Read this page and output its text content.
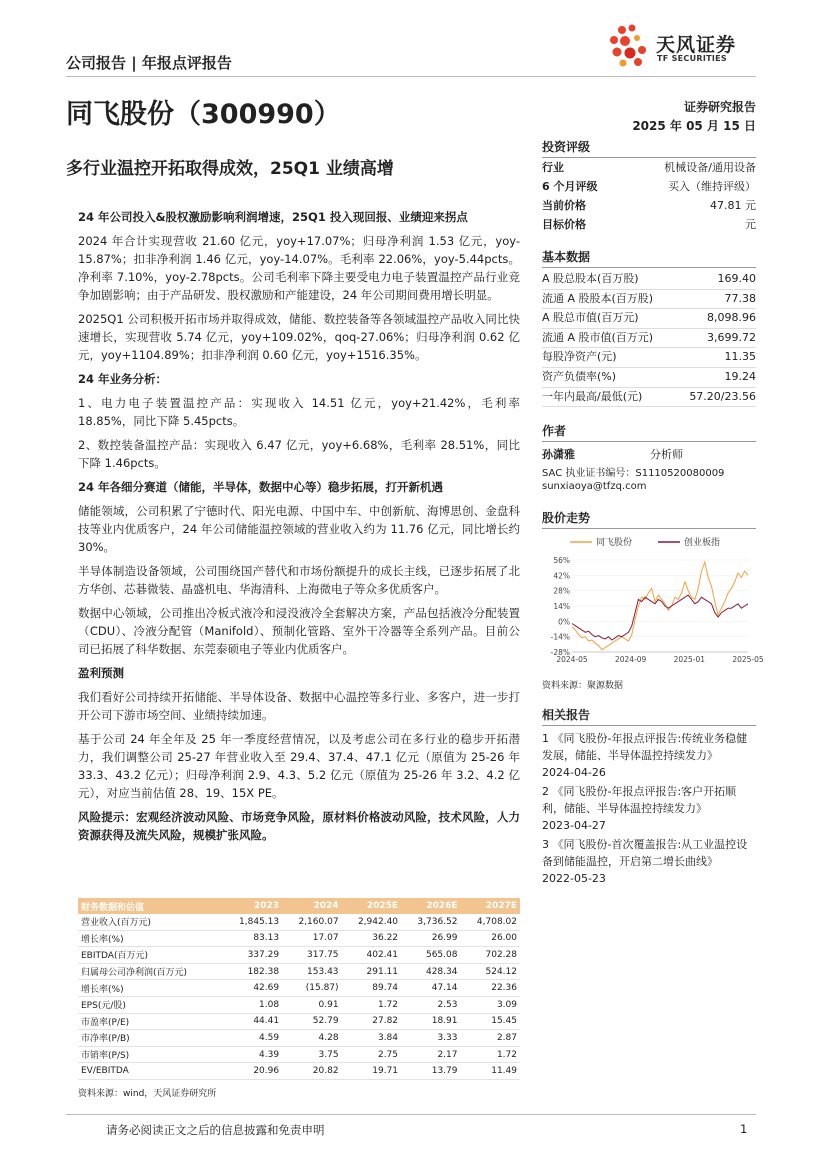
公司报告 | 年报点评报告
天风证券
TF SECURITIES
同飞股份（300990）
多行业温控开拓取得成效，25Q1 业绩高增
证券研究报告
2025 年 05 月 15 日
投资评级
行业	机械设备/通用设备
6 个月评级	买入（维持评级）
当前价格	47.81 元
目标价格	元
基本数据
A 股总股本(百万股)	169.40
流通 A 股股本(百万股)	77.38
A 股总市值(百万元)	8,098.96
流通 A 股市值(百万元)	3,699.72
每股净资产(元)	11.35
资产负债率(%)	19.24
一年内最高/最低(元)	57.20/23.56
作者
孙潇雅	分析师
SAC 执业证书编号：S1110520080009
sunxiaoya@tfzq.com
股价走势
同飞股份	创业板指
56%
42%
28%
14%
0%
-14%
-28%
2024-05	2024-09	2025-01	2025-05
资料来源：聚源数据
相关报告
1 《同飞股份-年报点评报告:传统业务稳健发展，储能、半导体温控持续发力》
2024-04-26
2 《同飞股份-年报点评报告:客户开拓顺利，储能、半导体温控持续发力》
2023-04-27
3 《同飞股份-首次覆盖报告:从工业温控设备到储能温控，开启第二增长曲线》
2022-05-23
24 年公司投入&股权激励影响利润增速，25Q1 投入现回报、业绩迎来拐点

2024 年合计实现营收 21.60 亿元，yoy+17.07%；归母净利润 1.53 亿元，yoy-15.87%；扣非净利润 1.46 亿元，yoy-14.07%。毛利率 22.06%，yoy-5.44pcts。净利率 7.10%，yoy-2.78pcts。公司毛利率下降主要受电力电子装置温控产品行业竞争加剧影响；由于产品研发、股权激励和产能建设，24 年公司期间费用增长明显。

2025Q1 公司积极开拓市场并取得成效，储能、数控装备等各领域温控产品收入同比快速增长，实现营收 5.74 亿元，yoy+109.02%，qoq-27.06%；归母净利润 0.62 亿元，yoy+1104.89%；扣非净利润 0.60 亿元，yoy+1516.35%。

24 年业务分析：

1、电力电子装置温控产品：实现收入 14.51 亿元，yoy+21.42%，毛利率 18.85%，同比下降 5.45pcts。

2、数控装备温控产品：实现收入 6.47 亿元，yoy+6.68%，毛利率 28.51%，同比下降 1.46pcts。

24 年各细分赛道（储能，半导体，数据中心等）稳步拓展，打开新机遇

储能领域，公司积累了宁德时代、阳光电源、中国中车、中创新航、海博思创、金盘科技等业内优质客户，24 年公司储能温控领域的营业收入约为 11.76 亿元，同比增长约 30%。

半导体制造设备领域，公司围绕国产替代和市场份额提升的成长主线，已逐步拓展了北方华创、芯碁微装、晶盛机电、华海清科、上海微电子等众多优质客户。

数据中心领域，公司推出冷板式液冷和浸没液冷全套解决方案，产品包括液冷分配装置（CDU）、冷液分配管（Manifold）、预制化管路、室外干冷器等全系列产品。目前公司已拓展了科华数据、东莞泰硕电子等业内优质客户。

盈利预测

我们看好公司持续开拓储能、半导体设备、数据中心温控等多行业、多客户，进一步打开公司下游市场空间、业绩持续加速。

基于公司 24 年全年及 25 年一季度经营情况，以及考虑公司在多行业的稳步开拓潜力，我们调整公司 25-27 年营业收入至 29.4、37.4、47.1 亿元（原值为 25-26 年 33.3、43.2 亿元）；归母净利润 2.9、4.3、5.2 亿元（原值为 25-26 年 3.2、4.2 亿元），对应当前估值 28、19、15X PE。

风险提示：宏观经济波动风险、市场竞争风险，原材料价格波动风险，技术风险，人力资源获得及流失风险，规模扩张风险。

财务数据和估值	2023	2024	2025E	2026E	2027E
营业收入(百万元)	1,845.13	2,160.07	2,942.40	3,736.52	4,708.02
增长率(%)	83.13	17.07	36.22	26.99	26.00
EBITDA(百万元)	337.29	317.75	402.41	565.08	702.28
归属母公司净利润(百万元)	182.38	153.43	291.11	428.34	524.12
增长率(%)	42.69	(15.87)	89.74	47.14	22.36
EPS(元/股)	1.08	0.91	1.72	2.53	3.09
市盈率(P/E)	44.41	52.79	27.82	18.91	15.45
市净率(P/B)	4.59	4.28	3.84	3.33	2.87
市销率(P/S)	4.39	3.75	2.75	2.17	1.72
EV/EBITDA	20.96	20.82	19.71	13.79	11.49
资料来源：wind，天风证券研究所
请务必阅读正文之后的信息披露和免责申明	1
